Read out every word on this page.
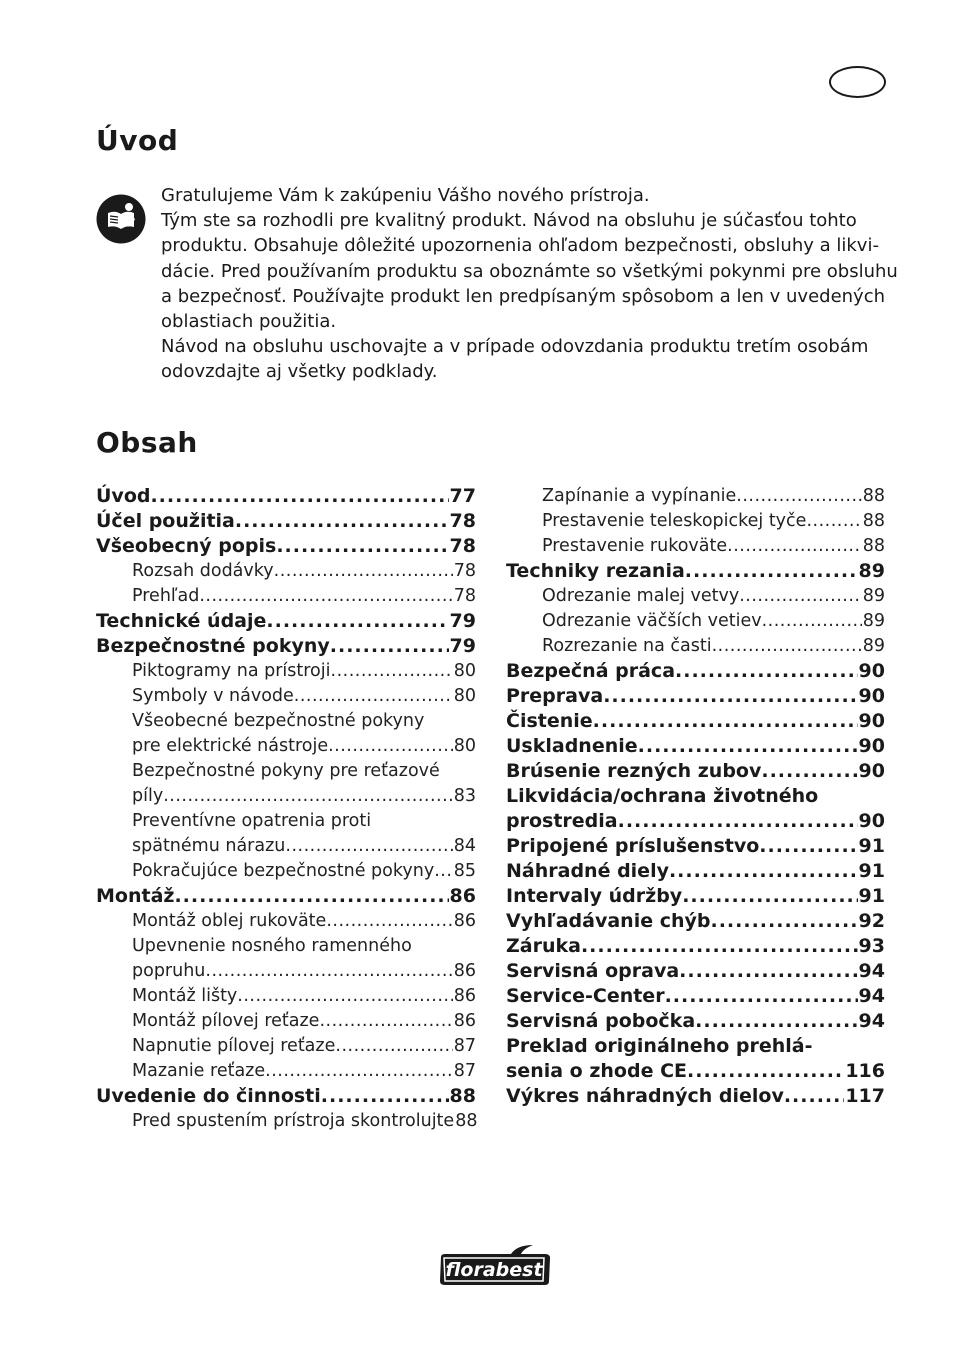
Úvod

Gratulujeme Vám k zakúpeniu Vášho nového prístroja.

Tým ste sa rozhodli pre kvalitný produkt. Návod na obsluhu je súčasťou tohto

produktu. Obsahuje dôležité upozornenia ohľadom bezpečnosti, obsluhy a likvi-

dácie. Pred používaním produktu sa oboznámte so všetkými pokynmi pre obsluhu

a bezpečnosť. Používajte produkt len predpísaným spôsobom a len v uvedených

oblastiach použitia.

Návod na obsluhu uschovajte a v prípade odovzdania produktu tretím osobám

odovzdajte aj všetky podklady.

Obsah
Úvod .....	77
Účel použitia .....	78
Všeobecný popis .....	78
Rozsah dodávky .....	78
Prehľad .....	78
Technické údaje .....	79
Bezpečnostné pokyny .....	79
Piktogramy na prístroji .....	80
Symboly v návode .....	80
Všeobecné bezpečnostné pokyny
pre elektrické nástroje .....	80
Bezpečnostné pokyny pre reťazové
píly .....	83
Preventívne opatrenia proti
spätnému nárazu .....	84
Pokračujúce bezpečnostné pokyny ..... 85
Montáž .....	86
Montáž oblej rukoväte .....	86
Upevnenie nosného ramenného
popruhu .....	86
Montáž lišty .....	86
Montáž pílovej reťaze .....	86
Napnutie pílovej reťaze .....	87
Mazanie reťaze .....	87
Uvedenie do činnosti .....	88
Pred spustením prístroja skontrolujte 88
Zapínanie a vypínanie .....	88
Prestavenie teleskopickej tyče .....	88
Prestavenie rukoväte .....	88
Techniky rezania .....	89
Odrezanie malej vetvy .....	89
Odrezanie väčších vetiev .....	89
Rozrezanie na časti .....	89
Bezpečná práca .....	90
Preprava .....	90
Čistenie .....	90
Uskladnenie .....	90
Brúsenie rezných zubov .....	90
Likvidácia/ochrana životného
prostredia .....	90
Pripojené príslušenstvo .....	91
Náhradné diely .....	91
Intervaly údržby .....	91
Vyhľadávanie chýb .....	92
Záruka .....	93
Servisná oprava .....	94
Service-Center .....	94
Servisná pobočka .....	94
Preklad originálneho prehlá-
senia o zhode CE .....	116
Výkres náhradných dielov .....	117
florabest
